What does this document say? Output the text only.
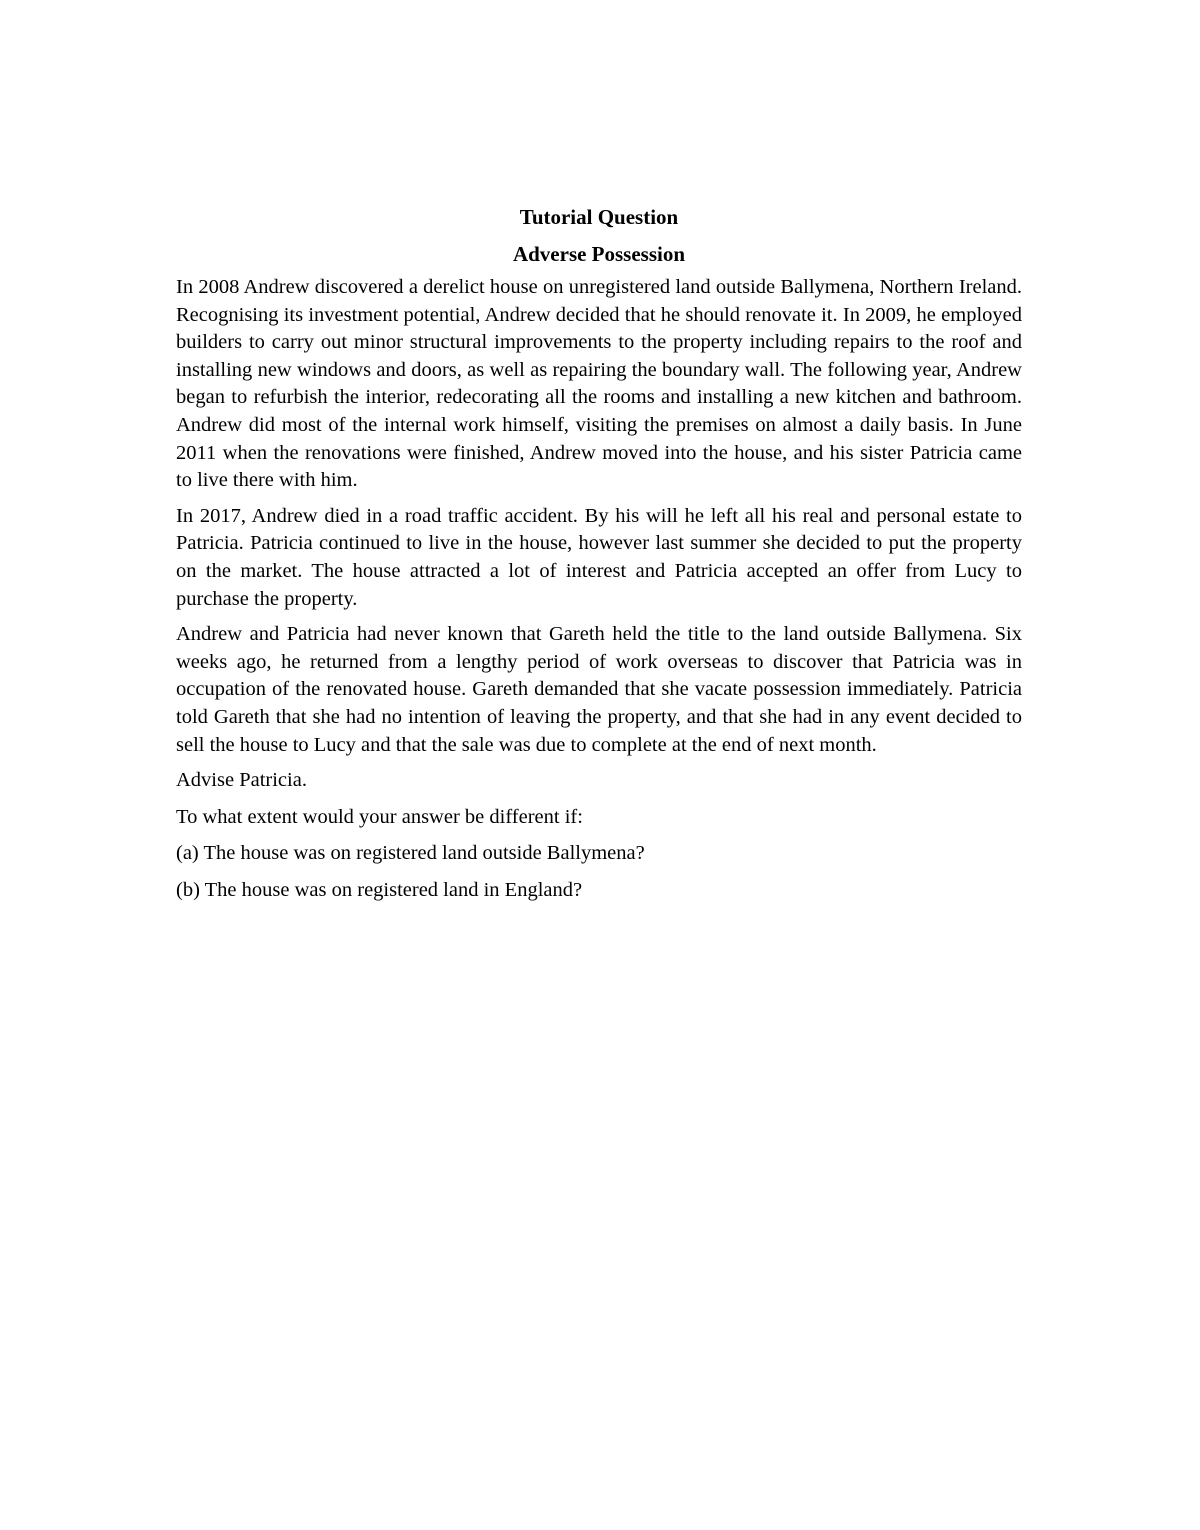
Tutorial Question
Adverse Possession

In 2008 Andrew discovered a derelict house on unregistered land outside Ballymena, Northern Ireland. Recognising its investment potential, Andrew decided that he should renovate it. In 2009, he employed builders to carry out minor structural improvements to the property including repairs to the roof and installing new windows and doors, as well as repairing the boundary wall. The following year, Andrew began to refurbish the interior, redecorating all the rooms and installing a new kitchen and bathroom. Andrew did most of the internal work himself, visiting the premises on almost a daily basis. In June 2011 when the renovations were finished, Andrew moved into the house, and his sister Patricia came to live there with him.

In 2017, Andrew died in a road traffic accident. By his will he left all his real and personal estate to Patricia. Patricia continued to live in the house, however last summer she decided to put the property on the market. The house attracted a lot of interest and Patricia accepted an offer from Lucy to purchase the property.

Andrew and Patricia had never known that Gareth held the title to the land outside Ballymena. Six weeks ago, he returned from a lengthy period of work overseas to discover that Patricia was in occupation of the renovated house. Gareth demanded that she vacate possession immediately. Patricia told Gareth that she had no intention of leaving the property, and that she had in any event decided to sell the house to Lucy and that the sale was due to complete at the end of next month.

Advise Patricia.

To what extent would your answer be different if:

(a) The house was on registered land outside Ballymena?

(b) The house was on registered land in England?
